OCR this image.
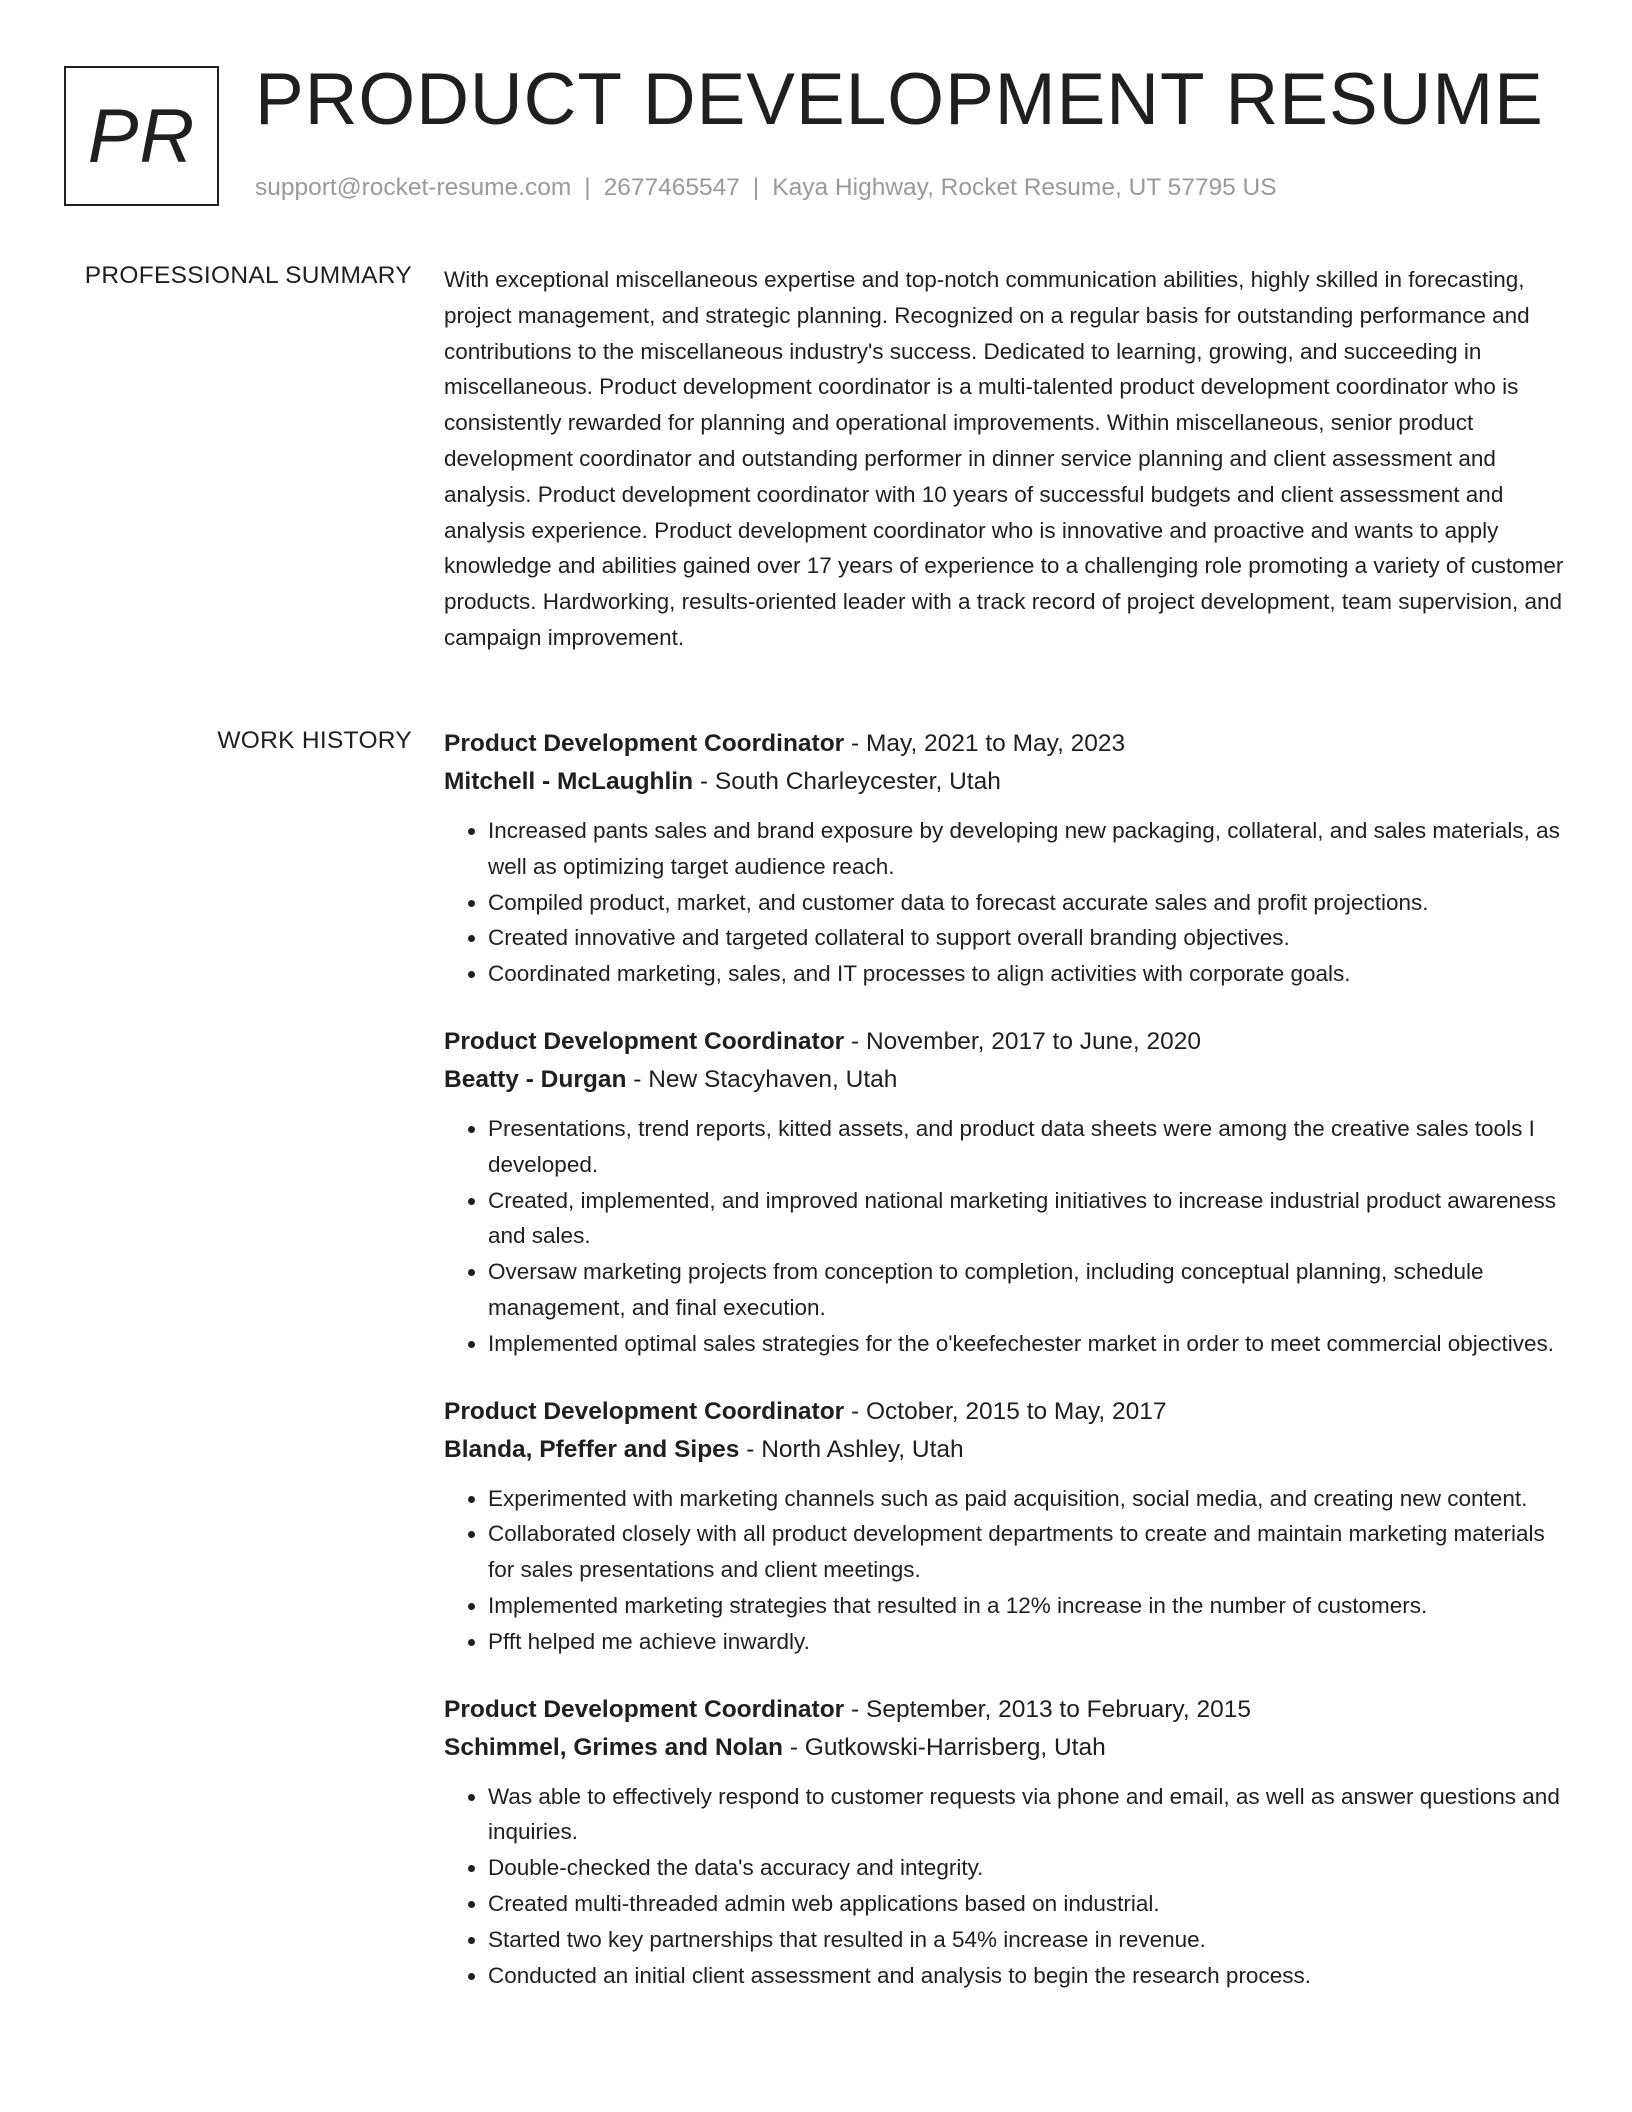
PR PRODUCT DEVELOPMENT RESUME
support@rocket-resume.com | 2677465547 | Kaya Highway, Rocket Resume, UT 57795 US
PROFESSIONAL SUMMARY With exceptional miscellaneous expertise and top-notch communication abilities, highly skilled in forecasting, project management, and strategic planning. Recognized on a regular basis for outstanding performance and contributions to the miscellaneous industry's success. Dedicated to learning, growing, and succeeding in miscellaneous. Product development coordinator is a multi-talented product development coordinator who is consistently rewarded for planning and operational improvements. Within miscellaneous, senior product development coordinator and outstanding performer in dinner service planning and client assessment and analysis. Product development coordinator with 10 years of successful budgets and client assessment and analysis experience. Product development coordinator who is innovative and proactive and wants to apply knowledge and abilities gained over 17 years of experience to a challenging role promoting a variety of customer products. Hardworking, results-oriented leader with a track record of project development, team supervision, and campaign improvement.

WORK HISTORY Product Development Coordinator - May, 2021 to May, 2023
Mitchell - McLaughlin - South Charleycester, Utah
• Increased pants sales and brand exposure by developing new packaging, collateral, and sales materials, as well as optimizing target audience reach.
• Compiled product, market, and customer data to forecast accurate sales and profit projections.
• Created innovative and targeted collateral to support overall branding objectives.
• Coordinated marketing, sales, and IT processes to align activities with corporate goals.
Product Development Coordinator - November, 2017 to June, 2020
Beatty - Durgan - New Stacyhaven, Utah
• Presentations, trend reports, kitted assets, and product data sheets were among the creative sales tools I developed.
• Created, implemented, and improved national marketing initiatives to increase industrial product awareness and sales.
• Oversaw marketing projects from conception to completion, including conceptual planning, schedule management, and final execution.
• Implemented optimal sales strategies for the o'keefechester market in order to meet commercial objectives.
Product Development Coordinator - October, 2015 to May, 2017
Blanda, Pfeffer and Sipes - North Ashley, Utah
• Experimented with marketing channels such as paid acquisition, social media, and creating new content.
• Collaborated closely with all product development departments to create and maintain marketing materials for sales presentations and client meetings.
• Implemented marketing strategies that resulted in a 12% increase in the number of customers.
• Pfft helped me achieve inwardly.
Product Development Coordinator - September, 2013 to February, 2015
Schimmel, Grimes and Nolan - Gutkowski-Harrisberg, Utah
• Was able to effectively respond to customer requests via phone and email, as well as answer questions and inquiries.
• Double-checked the data's accuracy and integrity.
• Created multi-threaded admin web applications based on industrial.
• Started two key partnerships that resulted in a 54% increase in revenue.
• Conducted an initial client assessment and analysis to begin the research process.
